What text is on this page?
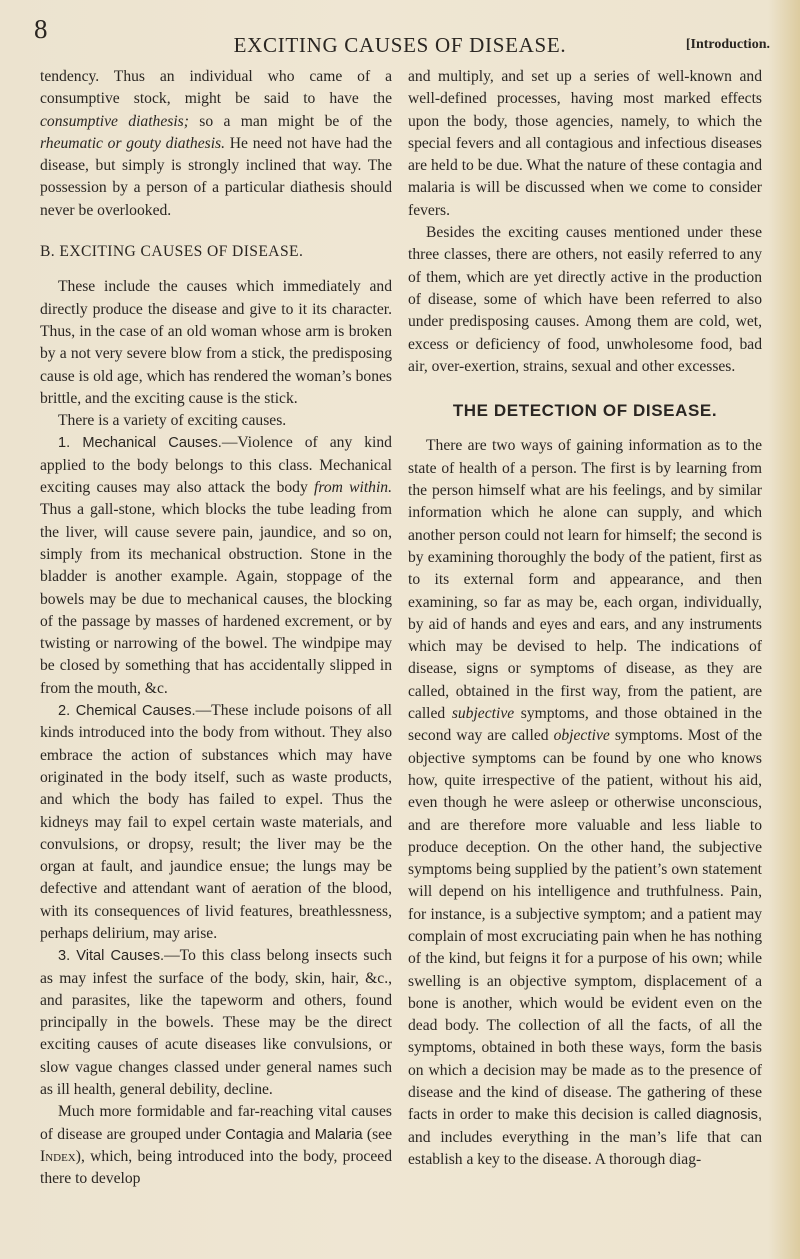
8
EXCITING CAUSES OF DISEASE.	[Introduction.

tendency. Thus an individual who came of a consumptive stock, might be said to have the consumptive diathesis; so a man might be of the rheumatic or gouty diathesis. He need not have had the disease, but simply is strongly inclined that way. The possession by a person of a particular diathesis should never be overlooked.

B. EXCITING CAUSES OF DISEASE.

These include the causes which immediately and directly produce the disease and give to it its character. Thus, in the case of an old woman whose arm is broken by a not very severe blow from a stick, the predisposing cause is old age, which has rendered the woman’s bones brittle, and the exciting cause is the stick.

There is a variety of exciting causes.

1. Mechanical Causes.—Violence of any kind applied to the body belongs to this class. Mechanical exciting causes may also attack the body from within. Thus a gall-stone, which blocks the tube leading from the liver, will cause severe pain, jaundice, and so on, simply from its mechanical obstruction. Stone in the bladder is another example. Again, stoppage of the bowels may be due to mechanical causes, the blocking of the passage by masses of hardened excrement, or by twisting or narrowing of the bowel. The windpipe may be closed by something that has accidentally slipped in from the mouth, &c.

2. Chemical Causes.—These include poisons of all kinds introduced into the body from without. They also embrace the action of substances which may have originated in the body itself, such as waste products, and which the body has failed to expel. Thus the kidneys may fail to expel certain waste materials, and convulsions, or dropsy, result; the liver may be the organ at fault, and jaundice ensue; the lungs may be defective and attendant want of aeration of the blood, with its consequences of livid features, breathlessness, perhaps delirium, may arise.

3. Vital Causes.—To this class belong insects such as may infest the surface of the body, skin, hair, &c., and parasites, like the tapeworm and others, found principally in the bowels. These may be the direct exciting causes of acute diseases like convulsions, or slow vague changes classed under general names such as ill health, general debility, decline.

Much more formidable and far-reaching vital causes of disease are grouped under Contagia and Malaria (see Index), which, being introduced into the body, proceed there to develop

and multiply, and set up a series of well-known and well-defined processes, having most marked effects upon the body, those agencies, namely, to which the special fevers and all contagious and infectious diseases are held to be due. What the nature of these contagia and malaria is will be discussed when we come to consider fevers.

Besides the exciting causes mentioned under these three classes, there are others, not easily referred to any of them, which are yet directly active in the production of disease, some of which have been referred to also under predisposing causes. Among them are cold, wet, excess or deficiency of food, unwholesome food, bad air, over-exertion, strains, sexual and other excesses.

THE DETECTION OF DISEASE.

There are two ways of gaining information as to the state of health of a person. The first is by learning from the person himself what are his feelings, and by similar information which he alone can supply, and which another person could not learn for himself; the second is by examining thoroughly the body of the patient, first as to its external form and appearance, and then examining, so far as may be, each organ, individually, by aid of hands and eyes and ears, and any instruments which may be devised to help. The indications of disease, signs or symptoms of disease, as they are called, obtained in the first way, from the patient, are called subjective symptoms, and those obtained in the second way are called objective symptoms. Most of the objective symptoms can be found by one who knows how, quite irrespective of the patient, without his aid, even though he were asleep or otherwise unconscious, and are therefore more valuable and less liable to produce deception. On the other hand, the subjective symptoms being supplied by the patient’s own statement will depend on his intelligence and truthfulness. Pain, for instance, is a subjective symptom; and a patient may complain of most excruciating pain when he has nothing of the kind, but feigns it for a purpose of his own; while swelling is an objective symptom, displacement of a bone is another, which would be evident even on the dead body. The collection of all the facts, of all the symptoms, obtained in both these ways, form the basis on which a decision may be made as to the presence of disease and the kind of disease. The gathering of these facts in order to make this decision is called diagnosis, and includes everything in the man’s life that can establish a key to the disease. A thorough diag-
